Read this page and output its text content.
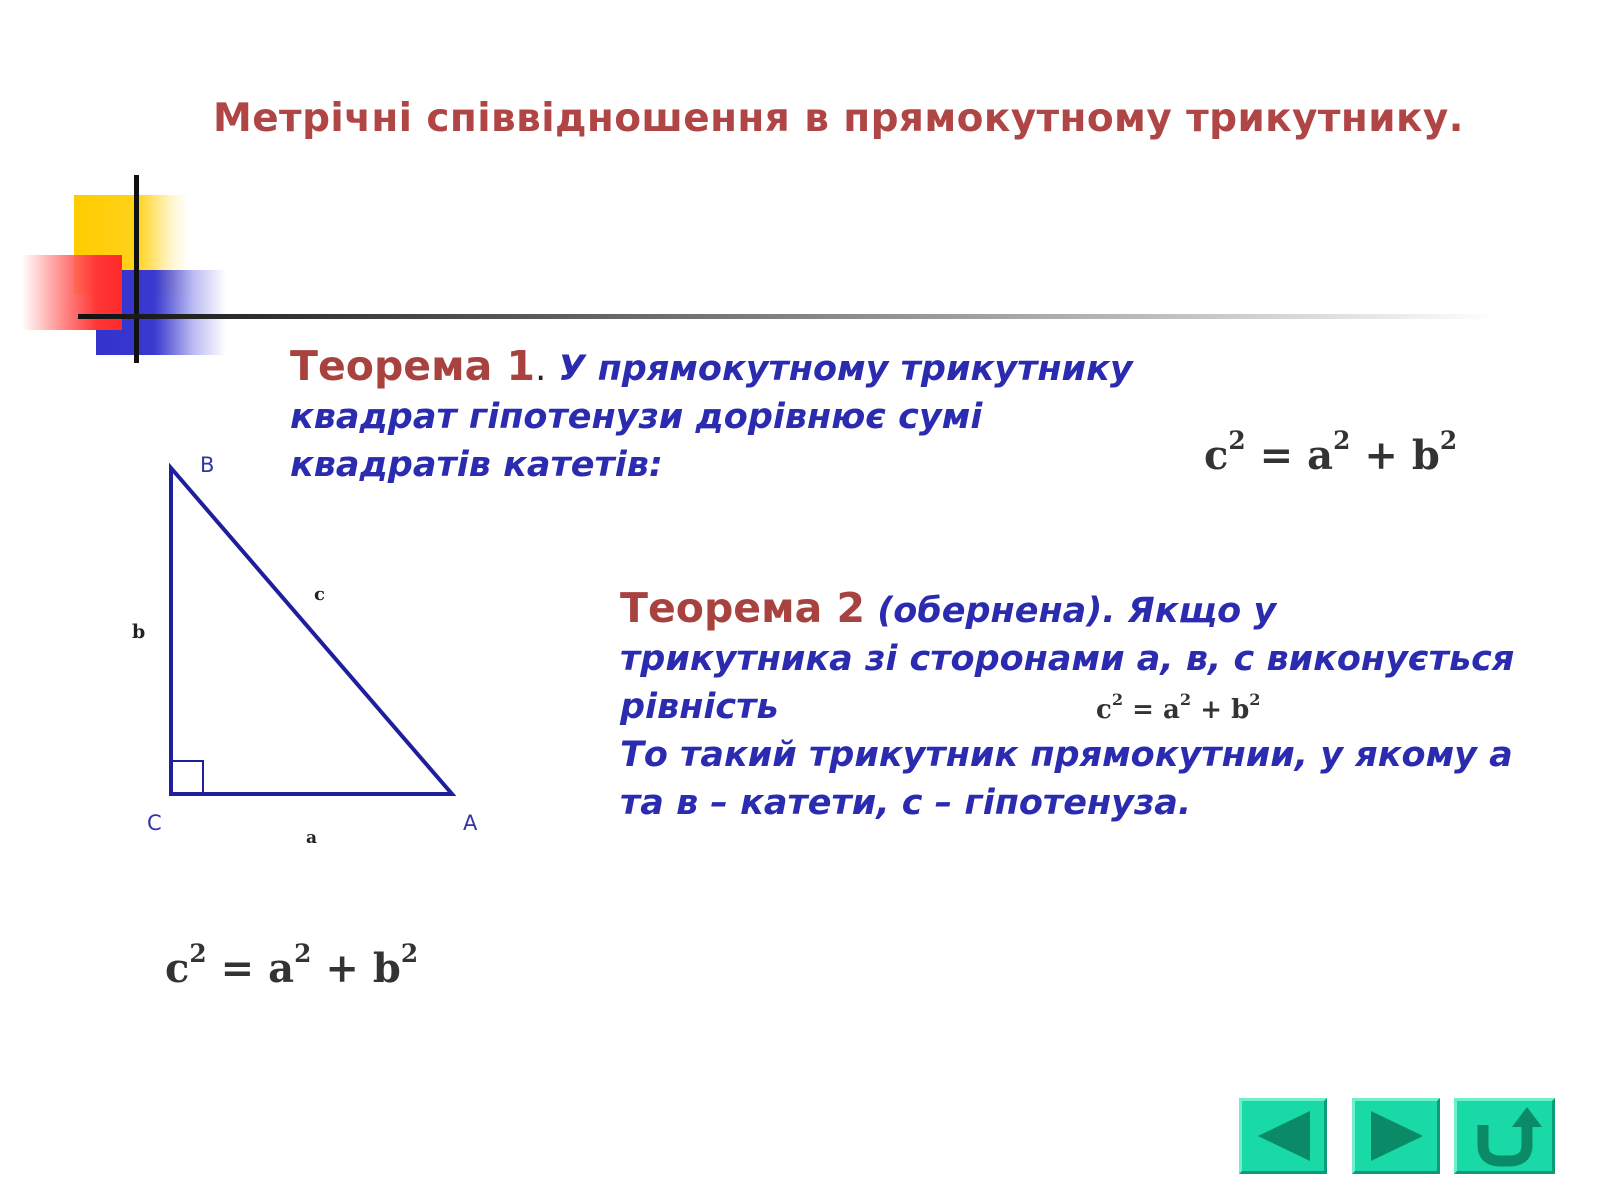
Метрічні співвідношення в прямокутному трикутнику.
Теорема 1. У прямокутному трикутнику квадрат гіпотенузи дорівнює сумі квадратів катетів:	$c^2 = a^2 + b^2$
B
C	A
c
b
a
Теорема 2 (обернена). Якщо у трикутника зі сторонами а, в, с виконується рівність
То такий трикутник прямокутнии, у якому а та в – катети, с – гіпотенуза.
$c^2 = a^2 + b^2$
$c^2 = a^2 + b^2$
